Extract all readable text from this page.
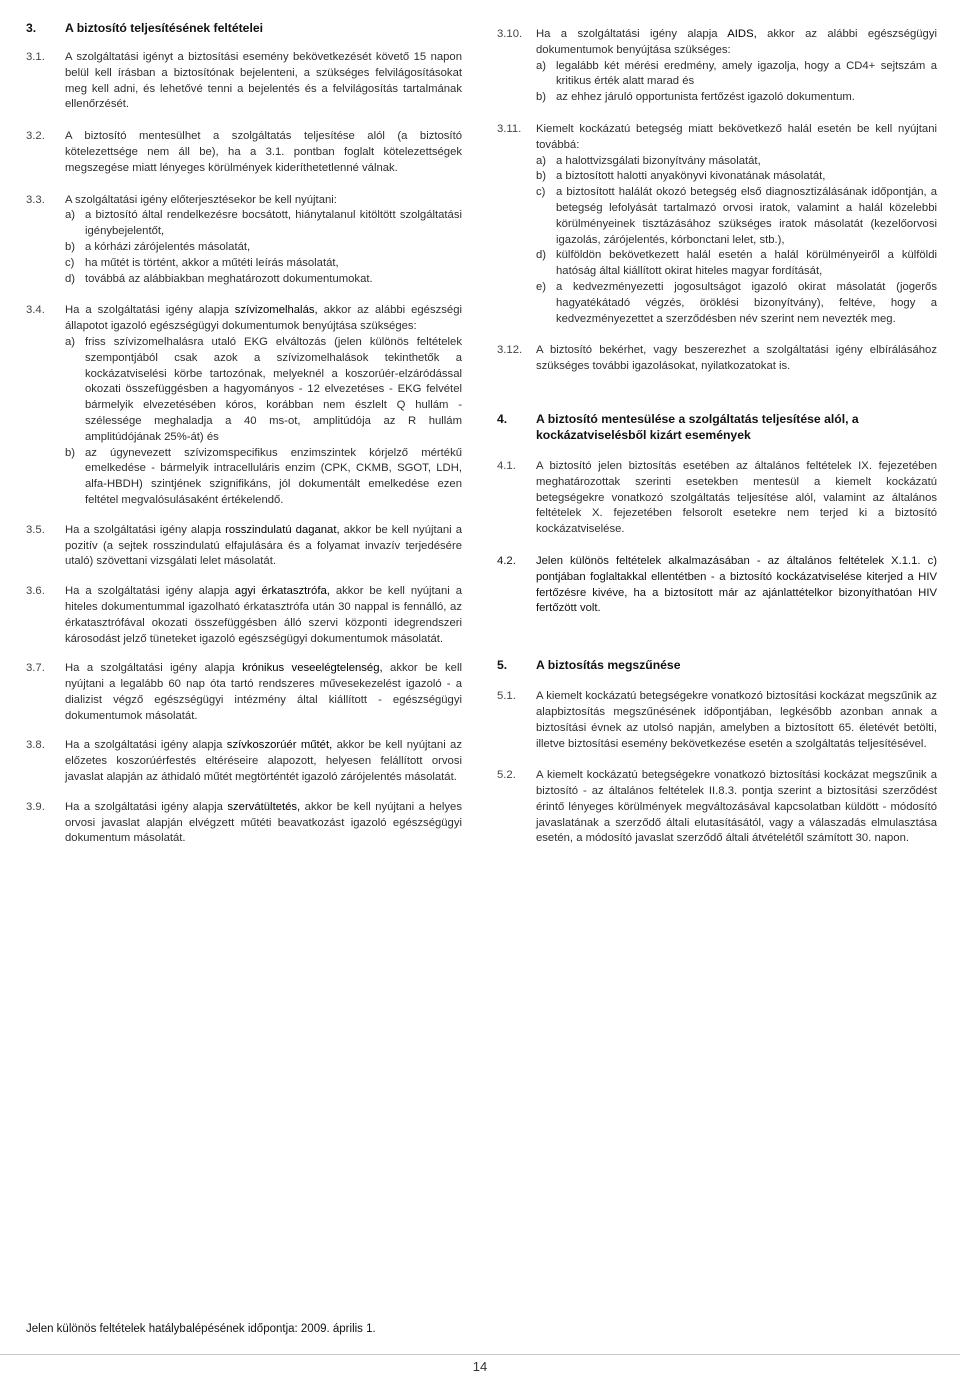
3.	A biztosító teljesítésének feltételei
3.1.	A szolgáltatási igényt a biztosítási esemény bekövetkezését követő 15 napon belül kell írásban a biztosítónak bejelenteni, a szükséges felvilágosításokat meg kell adni, és lehetővé tenni a bejelentés és a felvilágosítás tartalmának ellenőrzését.
3.2.	A biztosító mentesülhet a szolgáltatás teljesítése alól (a biztosító kötelezettsége nem áll be), ha a 3.1. pontban foglalt kötelezettségek megszegése miatt lényeges körülmények kideríthetetlenné válnak.
3.3.	A szolgáltatási igény előterjesztésekor be kell nyújtani:
a) a biztosító által rendelkezésre bocsátott, hiánytalanul kitöltött szolgáltatási igénybejelentőt,
b) a kórházi zárójelentés másolatát,
c) ha műtét is történt, akkor a műtéti leírás másolatát,
d) továbbá az alábbiakban meghatározott dokumentumokat.
3.4.	Ha a szolgáltatási igény alapja szívizomelhalás, akkor az alábbi egészségi állapotot igazoló egészségügyi dokumentumok benyújtása szükséges:
a) friss szívizomelhalásra utaló EKG elváltozás (jelen különös feltételek szempontjából csak azok a szívizomelhalások tekinthetők a kockázatviselési körbe tartozónak, melyeknél a koszorúér-elzáródással okozati összefüggésben a hagyományos - 12 elvezetéses - EKG felvétel bármelyik elvezetésében kóros, korábban nem észlelt Q hullám - szélessége meghaladja a 40 ms-ot, amplitúdója az R hullám amplitúdójának 25%-át) és
b) az úgynevezett szívizomspecifikus enzimszintek kórjelző mértékű emelkedése - bármelyik intracelluláris enzim (CPK, CKMB, SGOT, LDH, alfa-HBDH) szintjének szignifikáns, jól dokumentált emelkedése ezen feltétel megvalósulásaként értékelendő.
3.5.	Ha a szolgáltatási igény alapja rosszindulatú daganat, akkor be kell nyújtani a pozitív (a sejtek rosszindulatú elfajulására és a folyamat invazív terjedésére utaló) szövettani vizsgálati lelet másolatát.
3.6.	Ha a szolgáltatási igény alapja agyi érkatasztrófa, akkor be kell nyújtani a hiteles dokumentummal igazolható érkatasztrófa után 30 nappal is fennálló, az érkatasztrófával okozati összefüggésben álló szervi központi idegrendszeri károsodást jelző tüneteket igazoló egészségügyi dokumentumok másolatát.
3.7.	Ha a szolgáltatási igény alapja krónikus veseelégtelenség, akkor be kell nyújtani a legalább 60 nap óta tartó rendszeres művesekezelést igazoló - a dializist végző egészségügyi intézmény által kiállított - egészségügyi dokumentumok másolatát.
3.8.	Ha a szolgáltatási igény alapja szívkoszorúér műtét, akkor be kell nyújtani az előzetes koszorúérfestés eltéréseire alapozott, helyesen felállított orvosi javaslat alapján az áthidaló műtét megtörténtét igazoló zárójelentés másolatát.
3.9.	Ha a szolgáltatási igény alapja szervátültetés, akkor be kell nyújtani a helyes orvosi javaslat alapján elvégzett műtéti beavatkozást igazoló egészségügyi dokumentum másolatát.
3.10.	Ha a szolgáltatási igény alapja AIDS, akkor az alábbi egészségügyi dokumentumok benyújtása szükséges:
a) legalább két mérési eredmény, amely igazolja, hogy a CD4+ sejtszám a kritikus érték alatt marad és
b) az ehhez járuló opportunista fertőzést igazoló dokumentum.
3.11.	Kiemelt kockázatú betegség miatt bekövetkező halál esetén be kell nyújtani továbbá:
a) a halottvizsgálati bizonyítvány másolatát,
b) a biztosított halotti anyakönyvi kivonatának másolatát,
c) a biztosított halálát okozó betegség első diagnosztizálásának időpontján, a betegség lefolyását tartalmazó orvosi iratok, valamint a halál közelebbi körülményeinek tisztázásához szükséges iratok másolatát (kezelőorvosi igazolás, zárójelentés, kórbonctani lelet, stb.),
d) külföldön bekövetkezett halál esetén a halál körülményeiről a külföldi hatóság által kiállított okirat hiteles magyar fordítását,
e) a kedvezményezetti jogosultságot igazoló okirat másolatát (jogerős hagyatékátadó végzés, öröklési bizonyítvány), feltéve, hogy a kedvezményezettet a szerződésben név szerint nem nevezték meg.
3.12.	A biztosító bekérhet, vagy beszerezhet a szolgáltatási igény elbírálásához szükséges további igazolásokat, nyilatkozatokat is.
4.	A biztosító mentesülése a szolgáltatás teljesítése alól, a kockázatviselésből kizárt események
4.1.	A biztosító jelen biztosítás esetében az általános feltételek IX. fejezetében meghatározottak szerinti esetekben mentesül a kiemelt kockázatú betegségekre vonatkozó szolgáltatás teljesítése alól, valamint az általános feltételek X. fejezetében felsorolt esetekre nem terjed ki a biztosító kockázatviselése.
4.2.	Jelen különös feltételek alkalmazásában - az általános feltételek X.1.1. c) pontjában foglaltakkal ellentétben - a biztosító kockázatviselése kiterjed a HIV fertőzésre kivéve, ha a biztosított már az ajánlattételkor bizonyíthatóan HIV fertőzött volt.
5.	A biztosítás megszűnése
5.1.	A kiemelt kockázatú betegségekre vonatkozó biztosítási kockázat megszűnik az alapbiztosítás megszűnésének időpontjában, legkésőbb azonban annak a biztosítási évnek az utolsó napján, amelyben a biztosított 65. életévét betölti, illetve biztosítási esemény bekövetkezése esetén a szolgáltatás teljesítésével.
5.2.	A kiemelt kockázatú betegségekre vonatkozó biztosítási kockázat megszűnik a biztosító - az általános feltételek II.8.3. pontja szerint a biztosítási szerződést érintő lényeges körülmények megváltozásával kapcsolatban küldött - módosító javaslatának a szerződő általi elutasításától, vagy a válaszadás elmulasztása esetén, a módosító javaslat szerződő általi átvételétől számított 30. napon.
Jelen különös feltételek hatálybalépésének időpontja: 2009. április 1.
14
